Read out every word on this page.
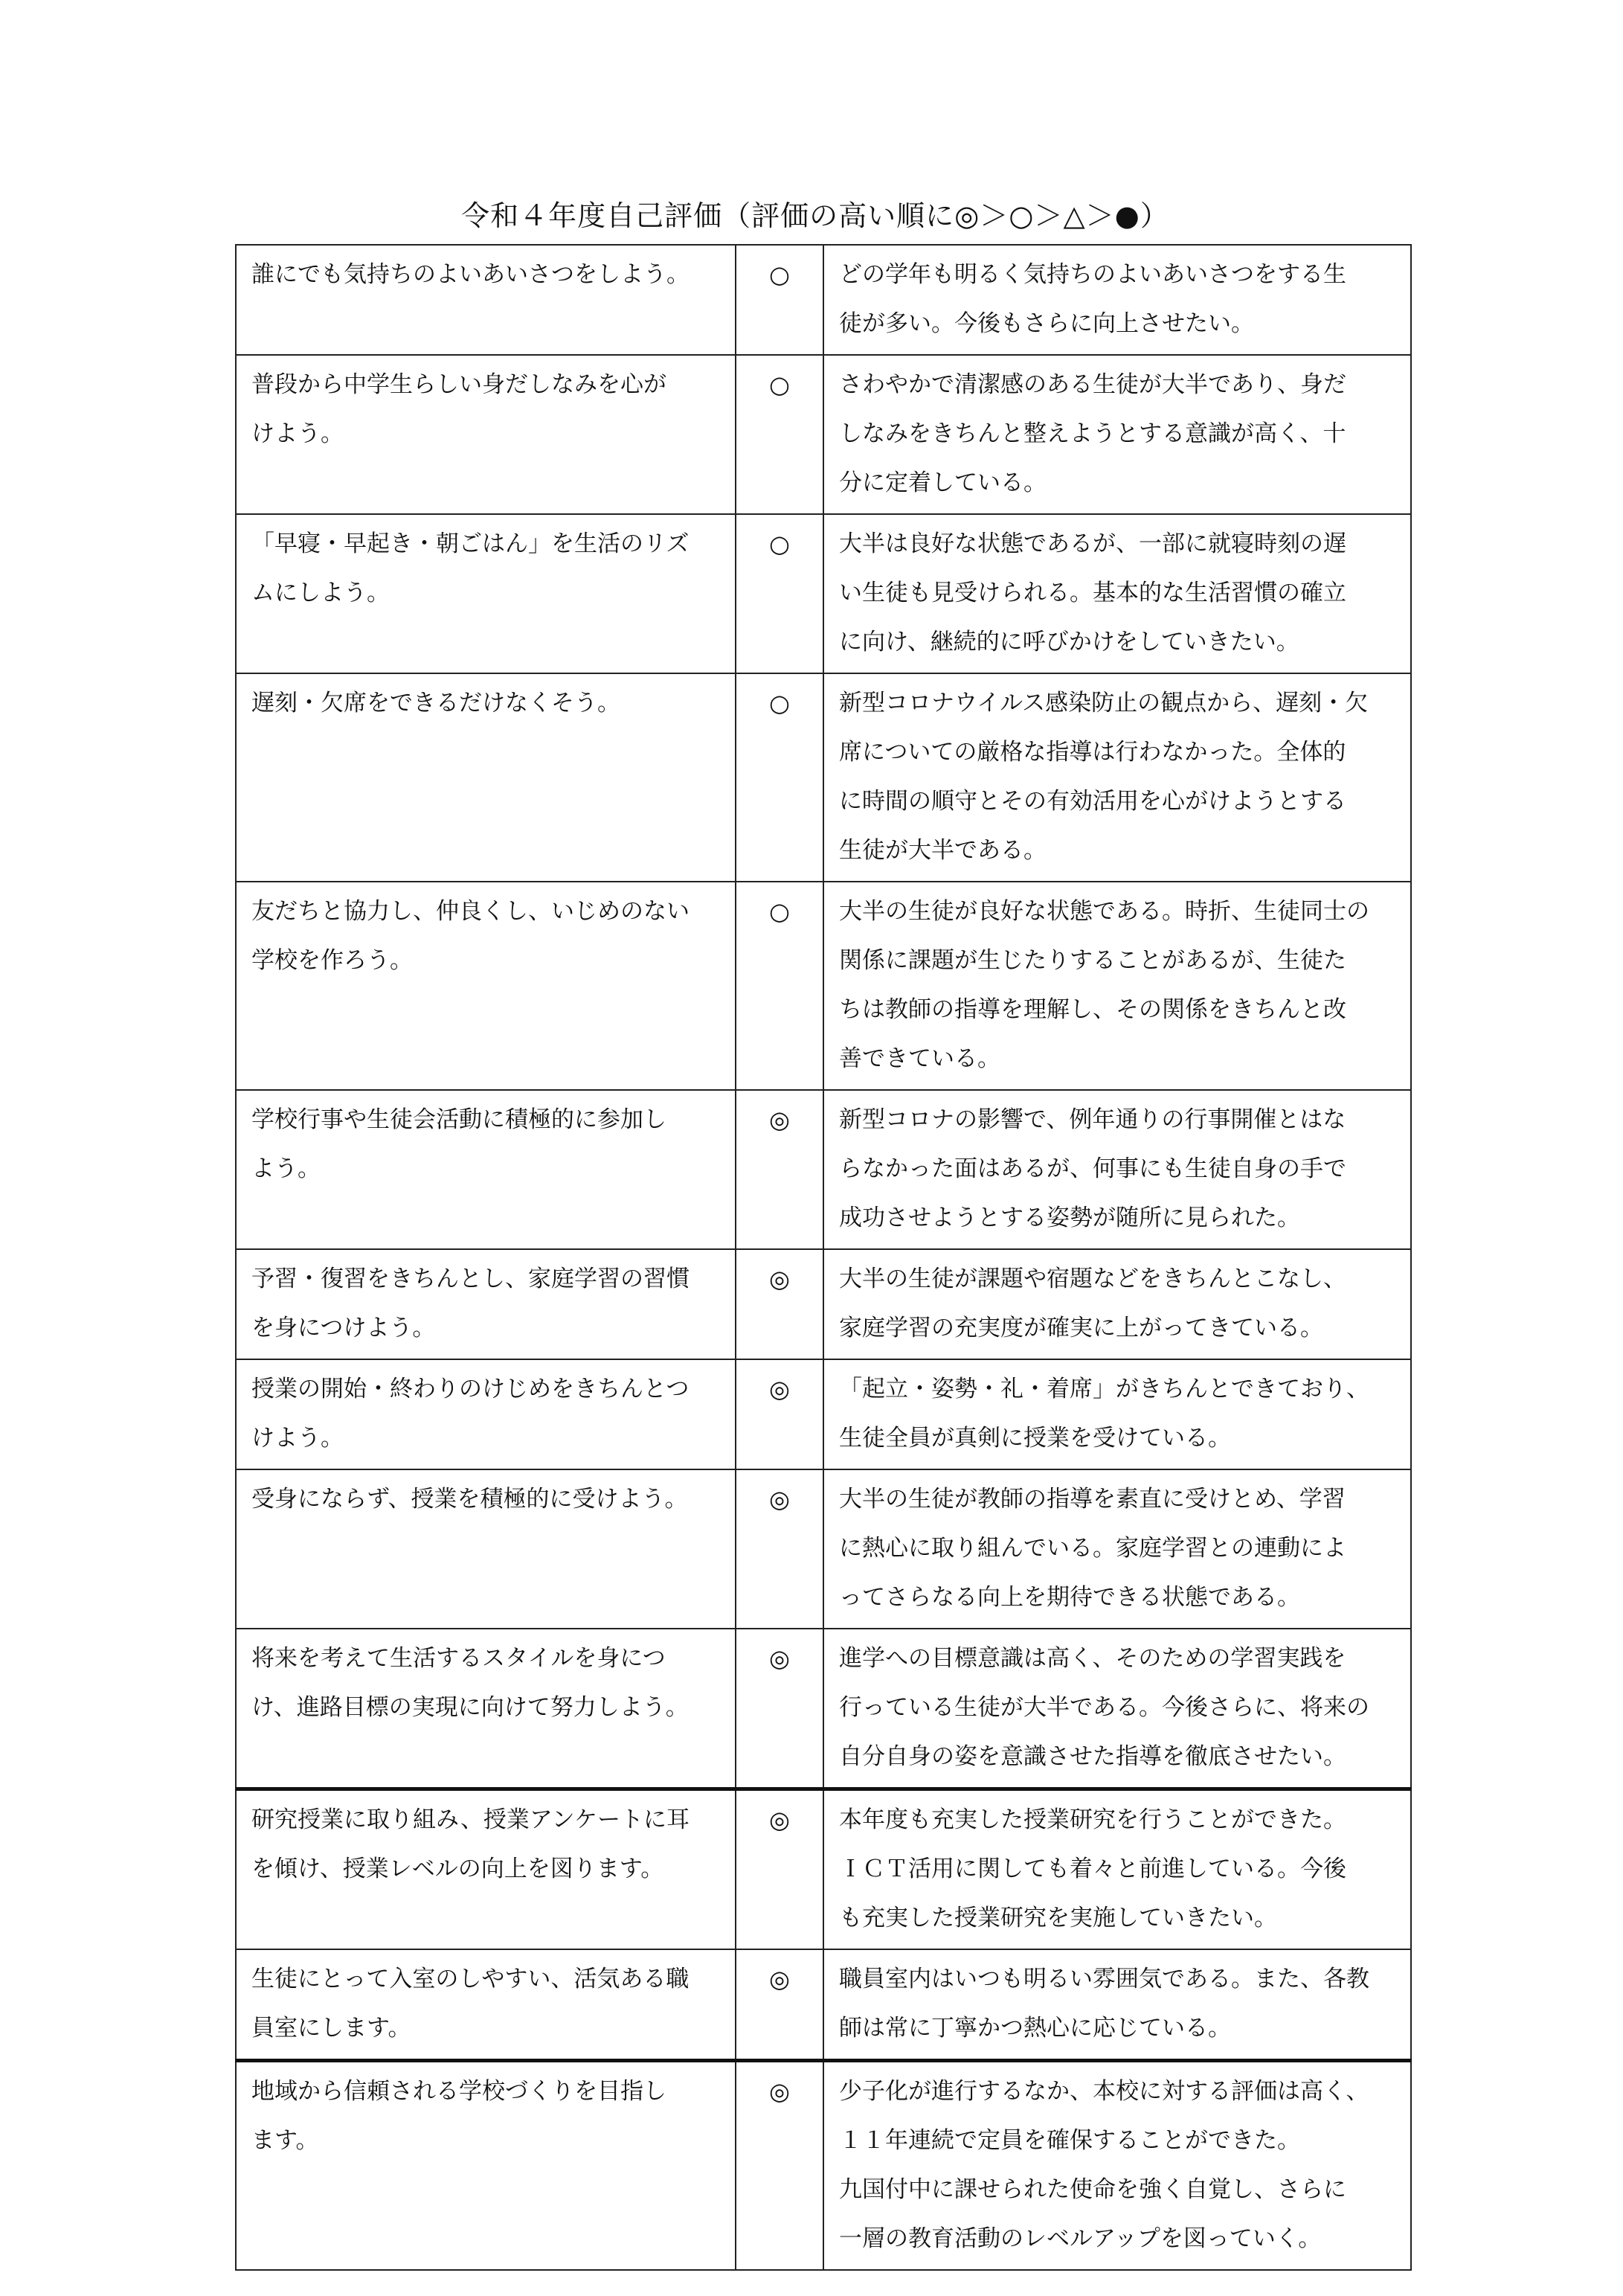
令和４年度自己評価（評価の高い順に◎＞○＞△＞●）
誰にでも気持ちのよいあいさつをしよう。	○	どの学年も明るく気持ちのよいあいさつをする生
徒が多い。今後もさらに向上させたい。

普段から中学生らしい身だしなみを心が
けよう。	○	さわやかで清潔感のある生徒が大半であり、身だ
しなみをきちんと整えようとする意識が高く、十
分に定着している。

「早寝・早起き・朝ごはん」を生活のリズ
ムにしよう。	○	大半は良好な状態であるが、一部に就寝時刻の遅
い生徒も見受けられる。基本的な生活習慣の確立
に向け、継続的に呼びかけをしていきたい。

遅刻・欠席をできるだけなくそう。	○	新型コロナウイルス感染防止の観点から、遅刻・欠
席についての厳格な指導は行わなかった。全体的
に時間の順守とその有効活用を心がけようとする
生徒が大半である。

友だちと協力し、仲良くし、いじめのない
学校を作ろう。	○	大半の生徒が良好な状態である。時折、生徒同士の
関係に課題が生じたりすることがあるが、生徒た
ちは教師の指導を理解し、その関係をきちんと改
善できている。

学校行事や生徒会活動に積極的に参加し
よう。	◎	新型コロナの影響で、例年通りの行事開催とはな
らなかった面はあるが、何事にも生徒自身の手で
成功させようとする姿勢が随所に見られた。

予習・復習をきちんとし、家庭学習の習慣
を身につけよう。	◎	大半の生徒が課題や宿題などをきちんとこなし、
家庭学習の充実度が確実に上がってきている。

授業の開始・終わりのけじめをきちんとつ
けよう。	◎	「起立・姿勢・礼・着席」がきちんとできており、
生徒全員が真剣に授業を受けている。

受身にならず、授業を積極的に受けよう。	◎	大半の生徒が教師の指導を素直に受けとめ、学習
に熱心に取り組んでいる。家庭学習との連動によ
ってさらなる向上を期待できる状態である。

将来を考えて生活するスタイルを身につ
け、進路目標の実現に向けて努力しよう。	◎	進学への目標意識は高く、そのための学習実践を
行っている生徒が大半である。今後さらに、将来の
自分自身の姿を意識させた指導を徹底させたい。

研究授業に取り組み、授業アンケートに耳
を傾け、授業レベルの向上を図ります。	◎	本年度も充実した授業研究を行うことができた。
ＩＣＴ活用に関しても着々と前進している。今後
も充実した授業研究を実施していきたい。

生徒にとって入室のしやすい、活気ある職
員室にします。	◎	職員室内はいつも明るい雰囲気である。また、各教
師は常に丁寧かつ熱心に応じている。

地域から信頼される学校づくりを目指し
ます。	◎	少子化が進行するなか、本校に対する評価は高く、
１１年連続で定員を確保することができた。
九国付中に課せられた使命を強く自覚し、さらに
一層の教育活動のレベルアップを図っていく。
